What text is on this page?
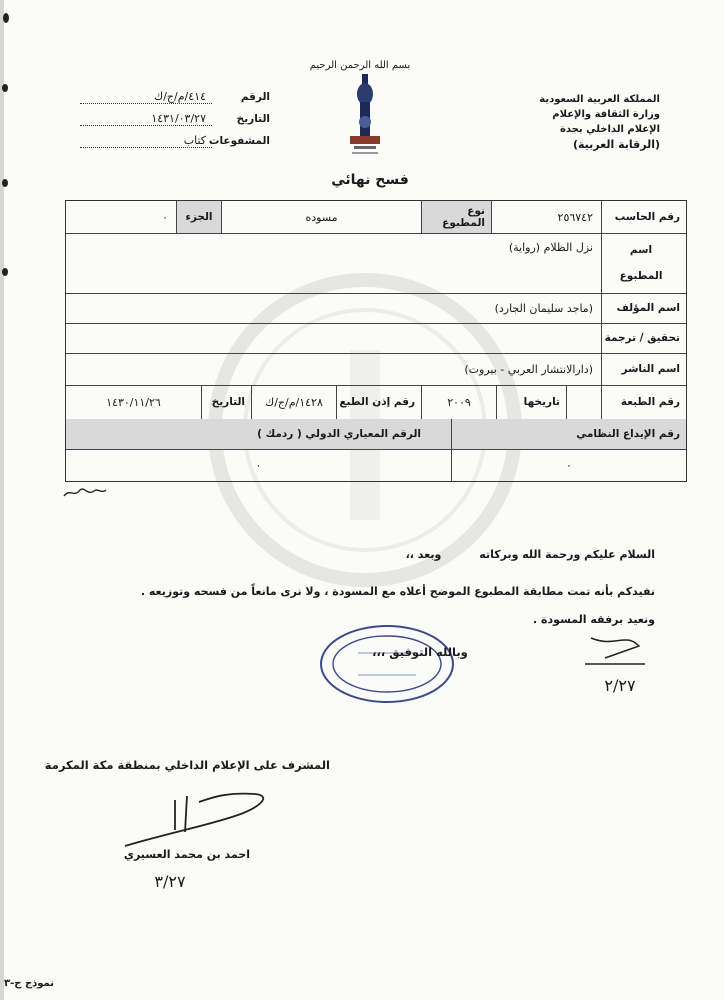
بسم الله الرحمن الرحيم
المملكة العربية السعودية
وزارة الثقافة والإعلام
الإعلام الداخلي بجدة
(الرقابة العربية)
الرقم
٤١٤/م/ج/ك
التاريخ
١٤٣١/٠٣/٢٧
المشفوعات
كتاب
فسح نهائي
رقم الحاسب
٢٥٦٧٤٢
نوع المطبوع
مسوده
الجزء
٠
اسم
المطبوع
نزل الظلام (رواية)
اسم المؤلف
(ماجد سليمان الجارد)
تحقيق / ترجمة
اسم الناشر
(دارالانتشار العربي - بيروت)
رقم الطبعة
تاريخها
٢٠٠٩
رقم إذن الطبع
١٤٢٨/م/ج/ك
التاريخ
١٤٣٠/١١/٢٦
رقم الإيداع النظامي
الرقم المعياري الدولي ( ردمك )
٠
٠
السلام عليكم ورحمة الله وبركاته
وبعد ،،
نفيدكم بأنه تمت مطابقة المطبوع الموضح أعلاه مع المسودة ، ولا نرى مانعاً من فسحه وتوزيعه .
ونعيد برفقه المسودة .
وبالله التوفيق ،،،
٢/٢٧
المشرف على الإعلام الداخلي بمنطقة مكة المكرمة
احمد بن محمد العسيري
٣/٢٧
نموذج ح-٣
